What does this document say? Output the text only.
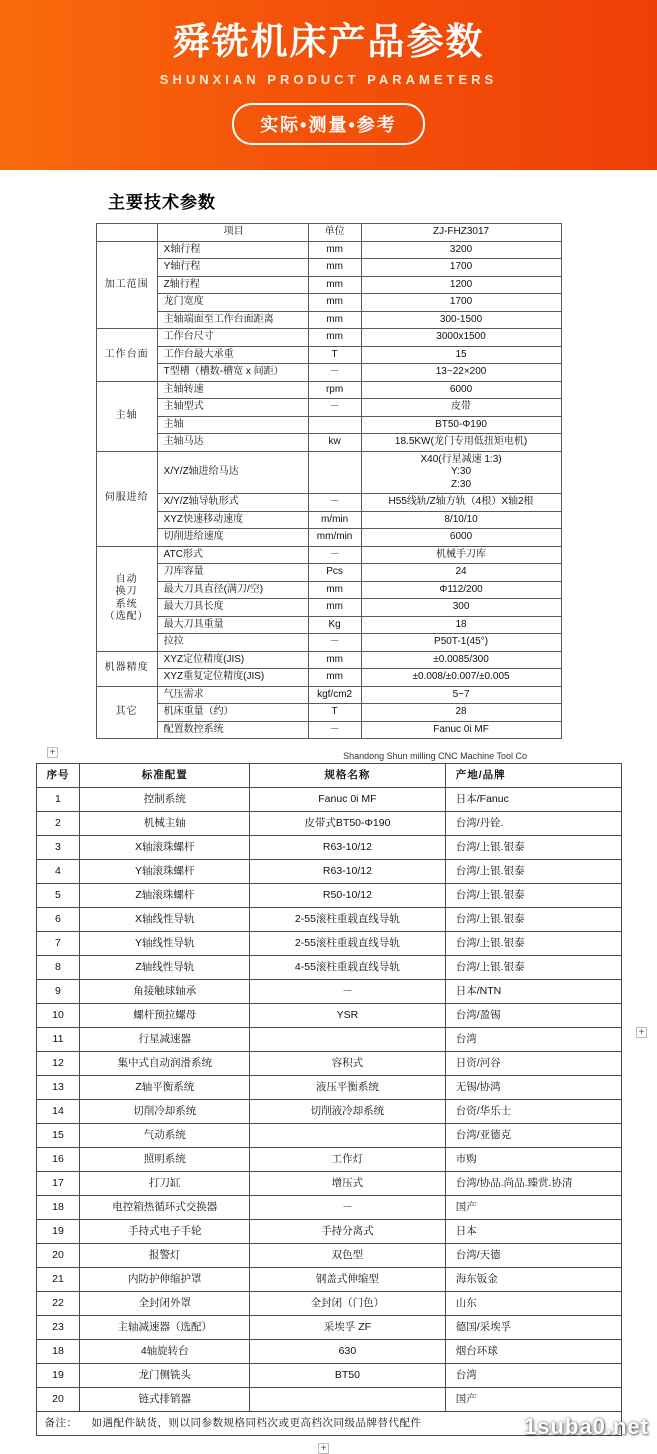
舜铣机床产品参数
SHUNXIAN PRODUCT PARAMETERS
实际•测量•参考
主要技术参数
	项目	单位	ZJ-FHZ3017
加工范围	X轴行程	mm	3200
	Y轴行程	mm	1700
	Z轴行程	mm	1200
	龙门宽度	mm	1700
	主轴端面至工作台面距离	mm	300-1500
工作台面	工作台尺寸	mm	3000x1500
	工作台最大承重	T	15
	T型槽（槽数-槽宽 x 间距）	－	13~22×200
主轴	主轴转速	rpm	6000
	主轴型式	－	皮带
	主轴		BT50-Φ190
	主轴马达	kw	18.5KW(龙门专用低扭矩电机)
伺服进给	X/Y/Z轴进给马达		X40(行星减速 1:3)
Y:30
Z:30
	X/Y/Z轴导轨形式	－	H55线轨/Z轴方轨（4根）X轴2根
	XYZ快速移动速度	m/min	8/10/10
	切削进给速度	mm/min	6000
自动
换刀
系统
（选配）	ATC形式	－	机械手刀库
	刀库容量	Pcs	24
	最大刀具直径(满刀/空)	mm	Φ112/200
	最大刀具长度	mm	300
	最大刀具重量	Kg	18
	拉拉	－	P50T-1(45°)
机器精度	XYZ定位精度(JIS)	mm	±0.0085/300
	XYZ重复定位精度(JIS)	mm	±0.008/±0.007/±0.005
其它	气压需求	kgf/cm2	5~7
	机床重量（约）	T	28
	配置数控系统	－	Fanuc 0i MF
+
+
Shandong Shun milling CNC Machine Tool Co
序号	标准配置	规格名称	产地/品牌
1	控制系统	Fanuc 0i MF	日本/Fanuc
2	机械主轴	皮带式BT50-Φ190	台湾/丹铨.
3	X轴滚珠螺杆	R63-10/12	台湾/上银.银泰
4	Y轴滚珠螺杆	R63-10/12	台湾/上银.银泰
5	Z轴滚珠螺杆	R50-10/12	台湾/上银.银泰
6	X轴线性导轨	2-55滚柱重载直线导轨	台湾/上银.银泰
7	Y轴线性导轨	2-55滚柱重载直线导轨	台湾/上银.银泰
8	Z轴线性导轨	4-55滚柱重载直线导轨	台湾/上银.银泰
9	角接触球轴承	－	日本/NTN
10	螺杆预拉螺母	YSR	台湾/盈锡
11	行星减速器		台湾
12	集中式自动润滑系统	容积式	日资/河谷
13	Z轴平衡系统	液压平衡系统	无锡/协鸿
14	切削冷却系统	切削液冷却系统	台资/华乐士
15	气动系统		台湾/亚德克
16	照明系统	工作灯	市购
17	打刀缸	增压式	台湾/协品.尚品.臻赏.协清
18	电控箱热循环式交换器	－	国产
19	手持式电子手轮	手持分离式	日本
20	报警灯	双色型	台湾/天德
21	内防护伸缩护罩	钢盖式伸缩型	海东钣金
22	全封闭外罩	全封闭（门色）	山东
23	主轴减速器（选配）	采埃孚 ZF	德国/采埃孚
18	4轴旋转台	630	烟台环球
19	龙门侧铣头	BT50	台湾
20	链式排销器		国产
备注： 如遇配件缺货，则以同参数规格同档次或更高档次同级品牌替代配件			
+
1suba0.net
